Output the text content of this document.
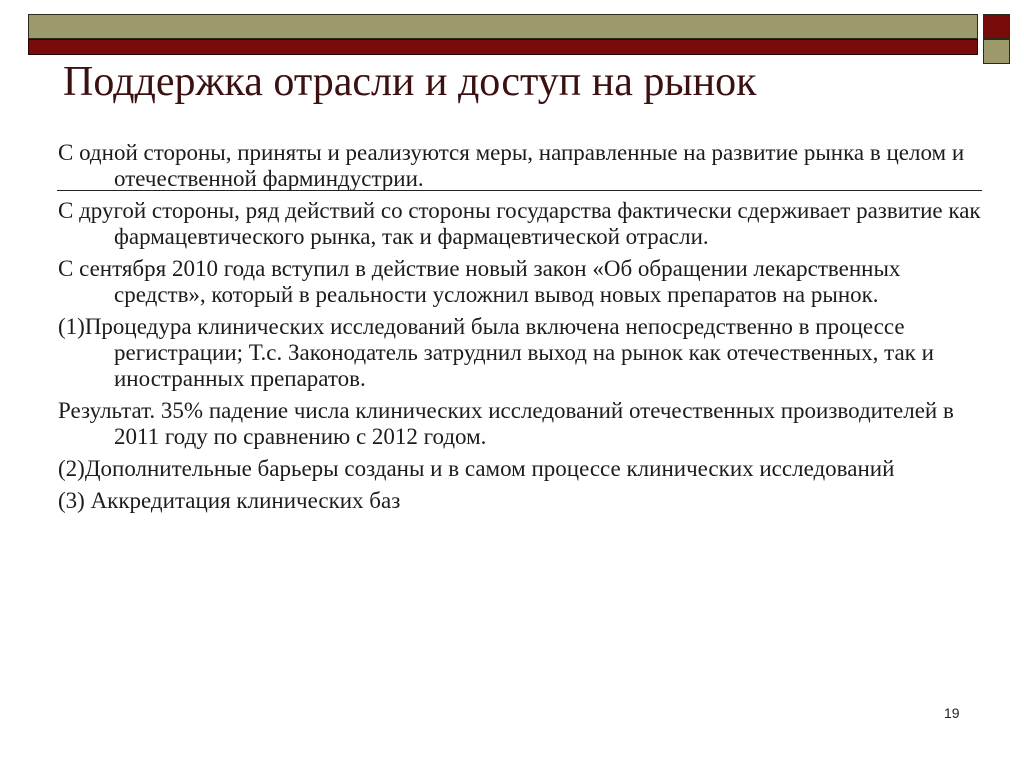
Поддержка отрасли и доступ на рынок

С одной стороны, приняты и реализуются меры, направленные на развитие рынка в целом и отечественной фарминдустрии.

С другой стороны, ряд действий со стороны государства фактически сдерживает развитие как фармацевтического рынка, так и фармацевтической отрасли.

С сентября 2010 года вступил в действие новый закон «Об обращении лекарственных средств», который в реальности усложнил вывод новых препаратов на рынок.

(1)Процедура клинических исследований была включена непосредственно в процессе регистрации; Т.с. Законодатель затруднил выход на рынок как отечественных, так и иностранных препаратов.

Результат. 35% падение числа клинических исследований отечественных производителей в 2011 году по сравнению с 2012 годом.

(2)Дополнительные барьеры созданы и в самом процессе клинических исследований

(3) Аккредитация клинических баз

19
